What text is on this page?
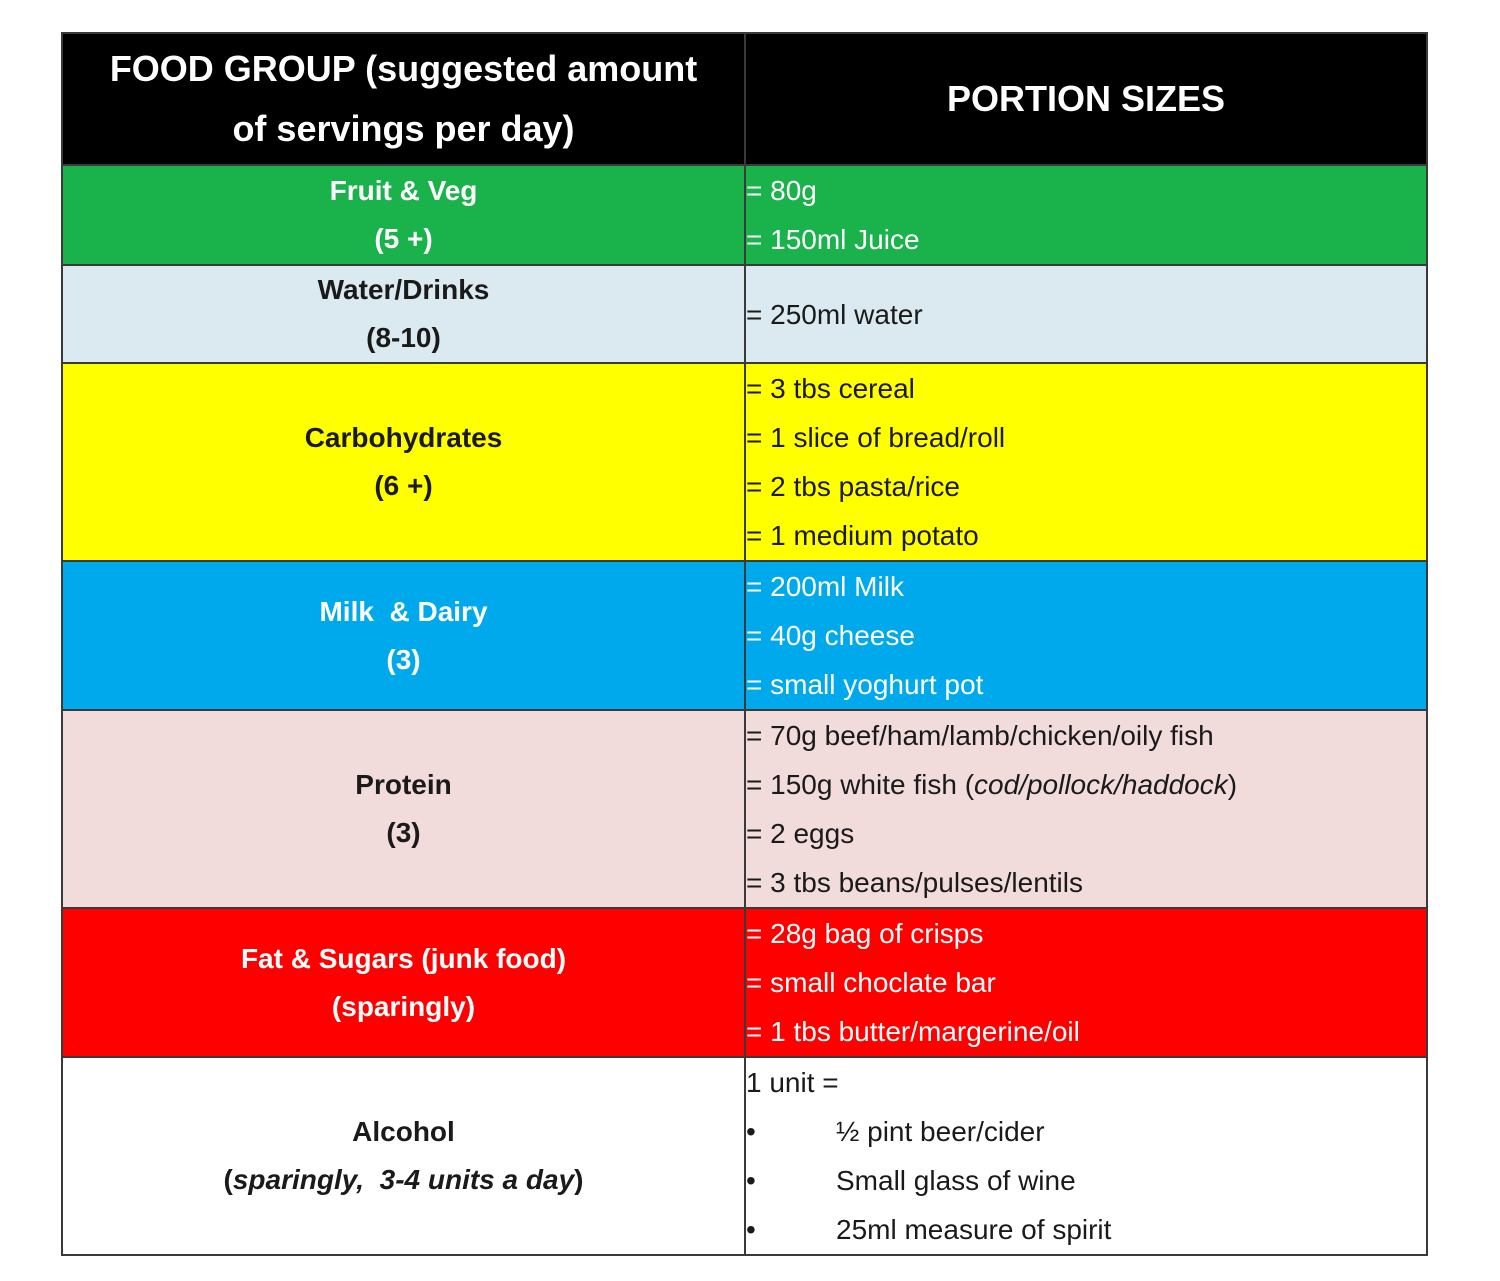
FOOD GROUP (suggested amount
of servings per day)	PORTION SIZES

Fruit & Veg
(5 +)	= 80g
= 150ml Juice

Water/Drinks
(8-10)	= 250ml water

Carbohydrates
(6 +)	= 3 tbs cereal
= 1 slice of bread/roll
= 2 tbs pasta/rice
= 1 medium potato

Milk  & Dairy
(3)	= 200ml Milk
= 40g cheese
= small yoghurt pot

Protein
(3)	= 70g beef/ham/lamb/chicken/oily fish
= 150g white fish (cod/pollock/haddock)
= 2 eggs
= 3 tbs beans/pulses/lentils

Fat & Sugars (junk food)
(sparingly)	= 28g bag of crisps
= small choclate bar
= 1 tbs butter/margerine/oil

Alcohol
(sparingly,  3-4 units a day)	1 unit =
• ½ pint beer/cider
• Small glass of wine
• 25ml measure of spirit
